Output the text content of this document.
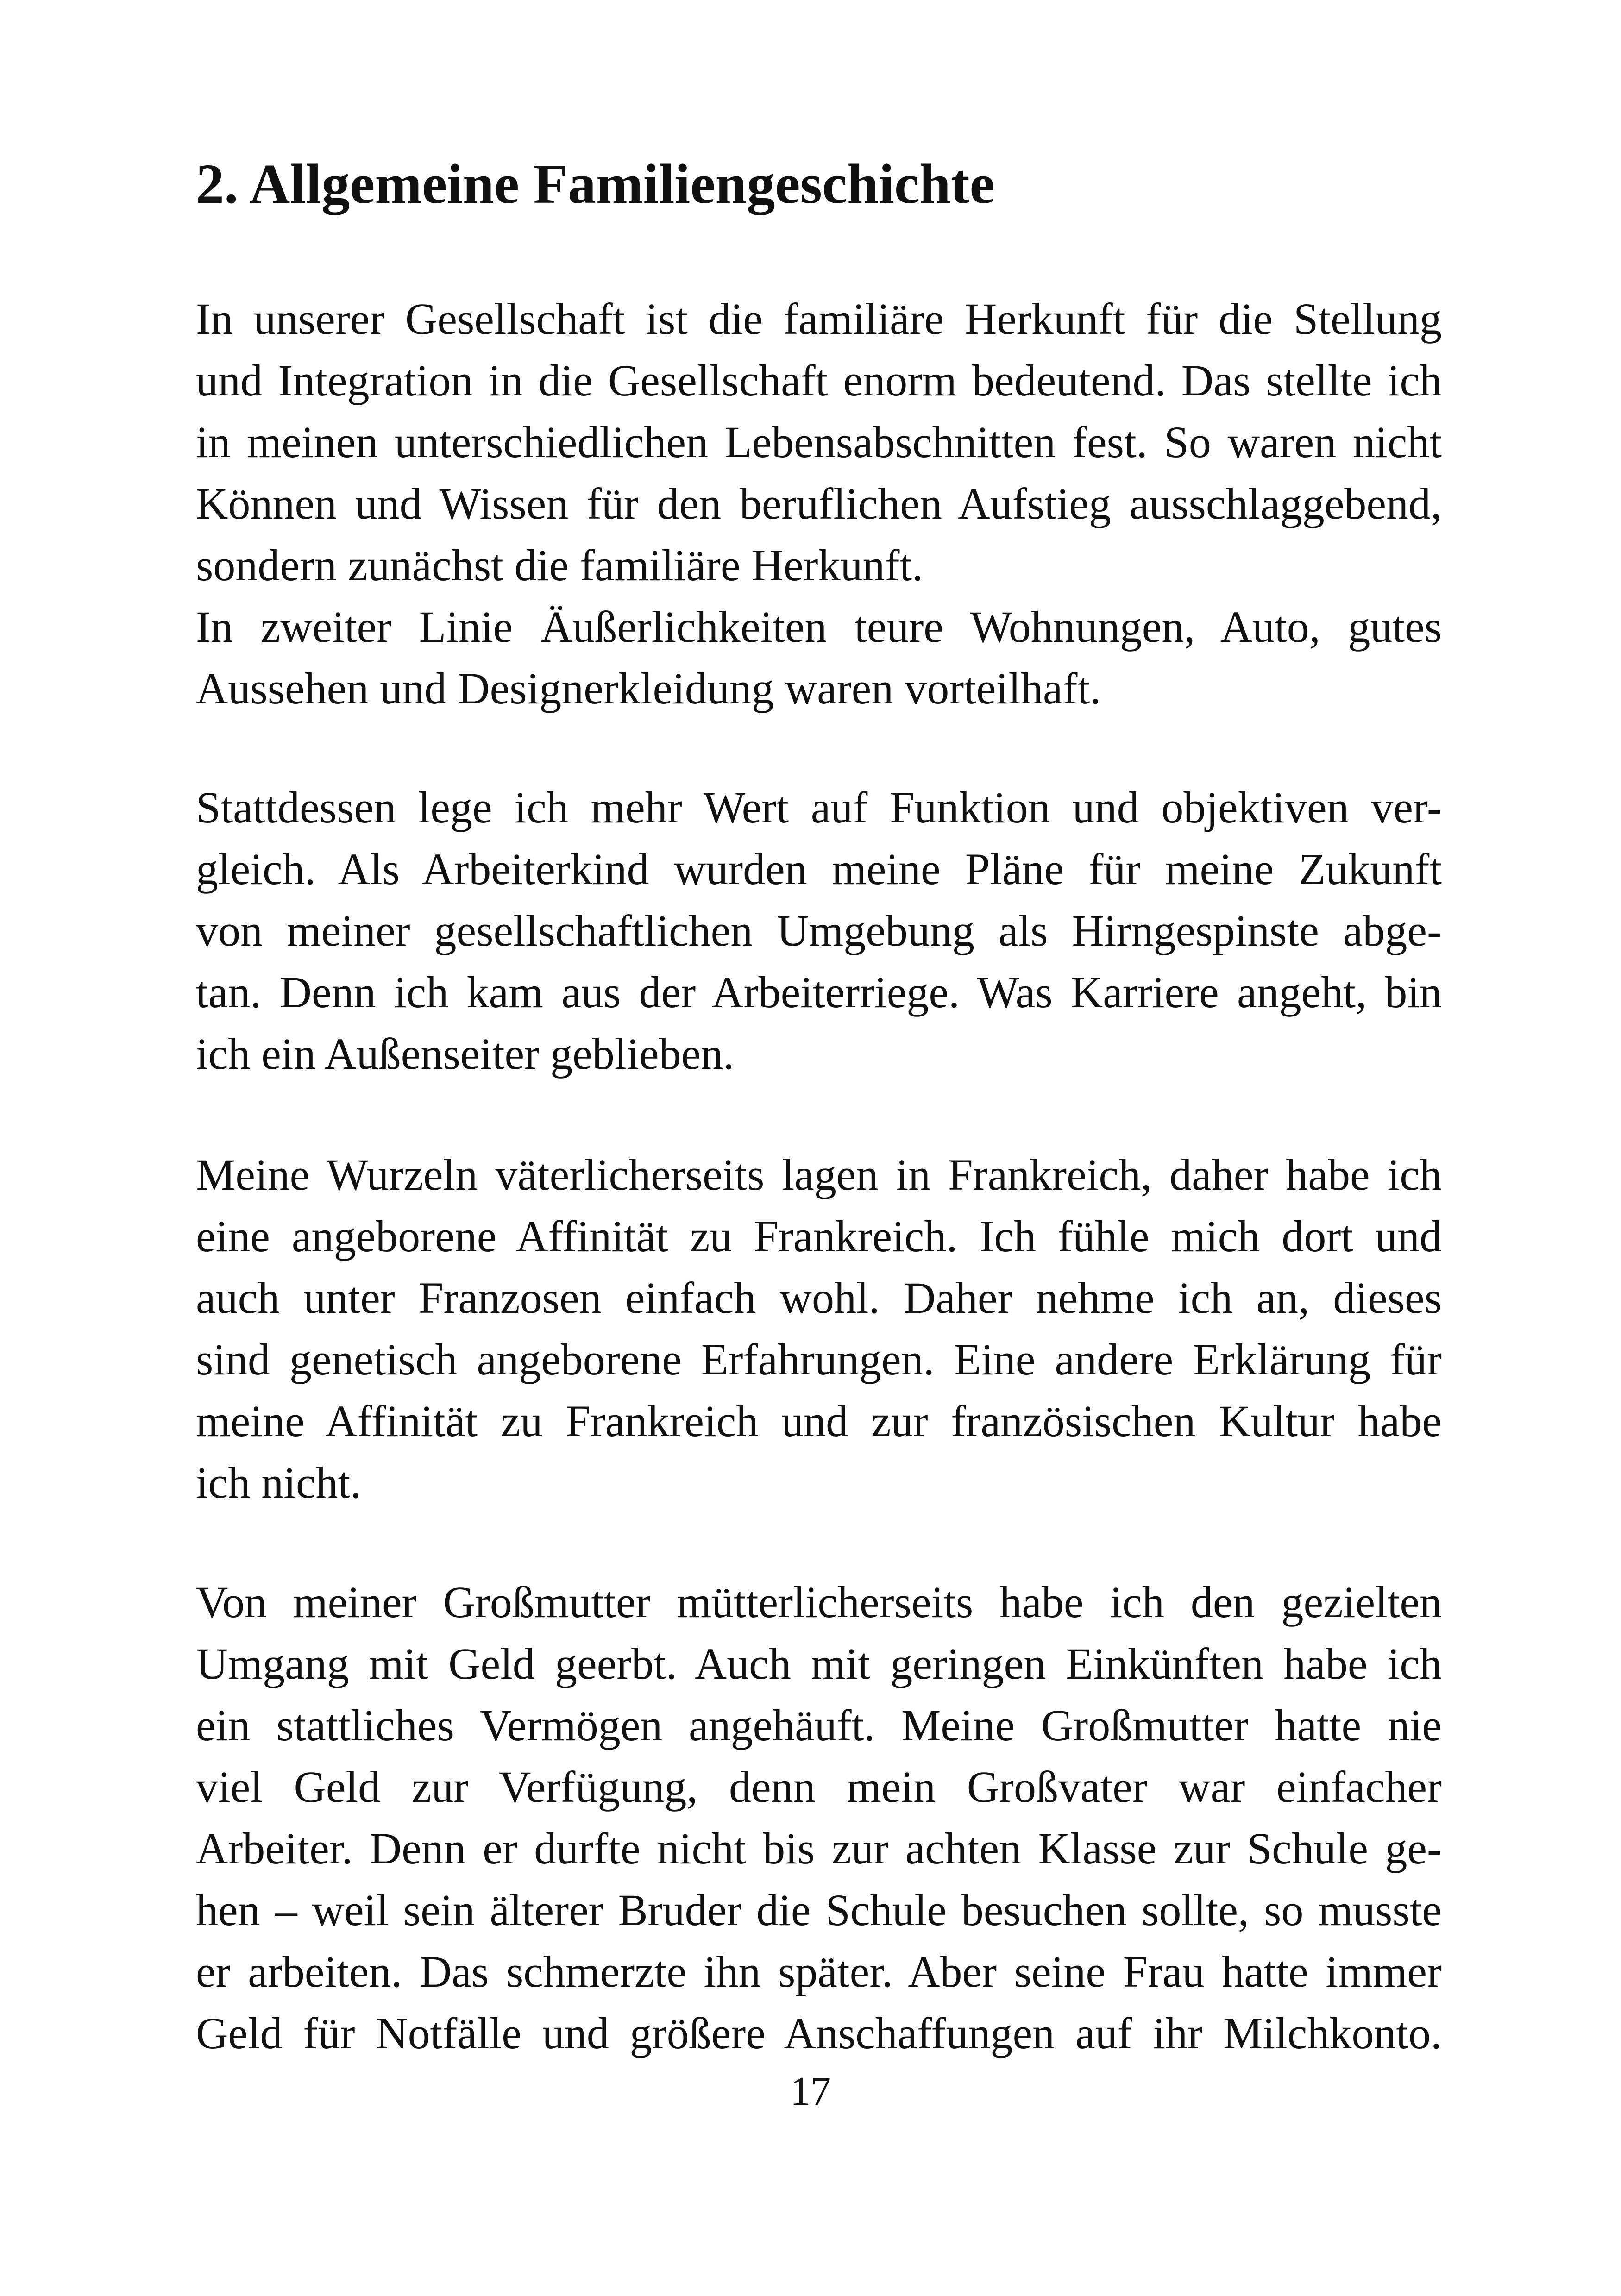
2. Allgemeine Familiengeschichte
In unserer Gesellschaft ist die familiäre Herkunft für die Stellung
und Integration in die Gesellschaft enorm bedeutend. Das stellte ich
in meinen unterschiedlichen Lebensabschnitten fest. So waren nicht
Können und Wissen für den beruflichen Aufstieg ausschlaggebend,
sondern zunächst die familiäre Herkunft.
In zweiter Linie Äußerlichkeiten teure Wohnungen, Auto, gutes
Aussehen und Designerkleidung waren vorteilhaft.
Stattdessen lege ich mehr Wert auf Funktion und objektiven ver-
gleich. Als Arbeiterkind wurden meine Pläne für meine Zukunft
von meiner gesellschaftlichen Umgebung als Hirngespinste abge-
tan. Denn ich kam aus der Arbeiterriege. Was Karriere angeht, bin
ich ein Außenseiter geblieben.
Meine Wurzeln väterlicherseits lagen in Frankreich, daher habe ich
eine angeborene Affinität zu Frankreich. Ich fühle mich dort und
auch unter Franzosen einfach wohl. Daher nehme ich an, dieses
sind genetisch angeborene Erfahrungen. Eine andere Erklärung für
meine Affinität zu Frankreich und zur französischen Kultur habe
ich nicht.
Von meiner Großmutter mütterlicherseits habe ich den gezielten
Umgang mit Geld geerbt. Auch mit geringen Einkünften habe ich
ein stattliches Vermögen angehäuft. Meine Großmutter hatte nie
viel Geld zur Verfügung, denn mein Großvater war einfacher
Arbeiter. Denn er durfte nicht bis zur achten Klasse zur Schule ge-
hen – weil sein älterer Bruder die Schule besuchen sollte, so musste
er arbeiten. Das schmerzte ihn später. Aber seine Frau hatte immer
Geld für Notfälle und größere Anschaffungen auf ihr Milchkonto.
17
